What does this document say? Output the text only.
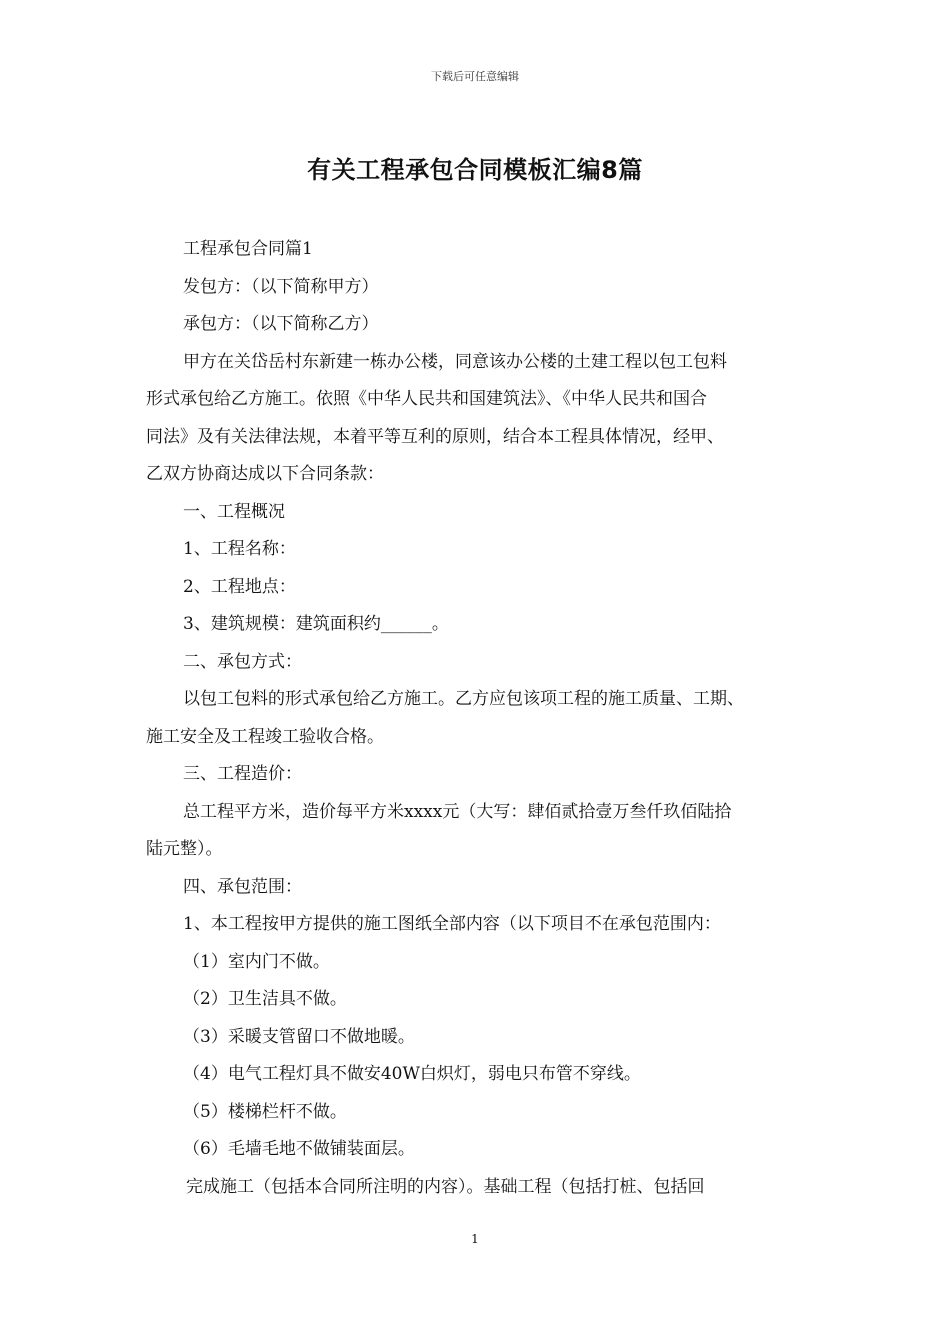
下载后可任意编辑
有关工程承包合同模板汇编8篇

工程承包合同篇1

发包方：（以下简称甲方）

承包方：（以下简称乙方）

甲方在关岱岳村东新建一栋办公楼，同意该办公楼的土建工程以包工包料

形式承包给乙方施工。依照《中华人民共和国建筑法》、《中华人民共和国合

同法》及有关法律法规，本着平等互利的原则，结合本工程具体情况，经甲、

乙双方协商达成以下合同条款：

一、工程概况

1、工程名称：

2、工程地点：

3、建筑规模：建筑面积约______。

二、承包方式：

以包工包料的形式承包给乙方施工。乙方应包该项工程的施工质量、工期、

施工安全及工程竣工验收合格。

三、工程造价：

总工程平方米，造价每平方米xxxx元（大写：肆佰贰拾壹万叁仟玖佰陆拾

陆元整）。

四、承包范围：

1、本工程按甲方提供的施工图纸全部内容（以下项目不在承包范围内：

（1）室内门不做。

（2）卫生洁具不做。

（3）采暖支管留口不做地暖。

（4）电气工程灯具不做安40W白炽灯，弱电只布管不穿线。

（5）楼梯栏杆不做。

（6）毛墙毛地不做铺装面层。

完成施工（包括本合同所注明的内容）。基础工程（包括打桩、包括回

1
